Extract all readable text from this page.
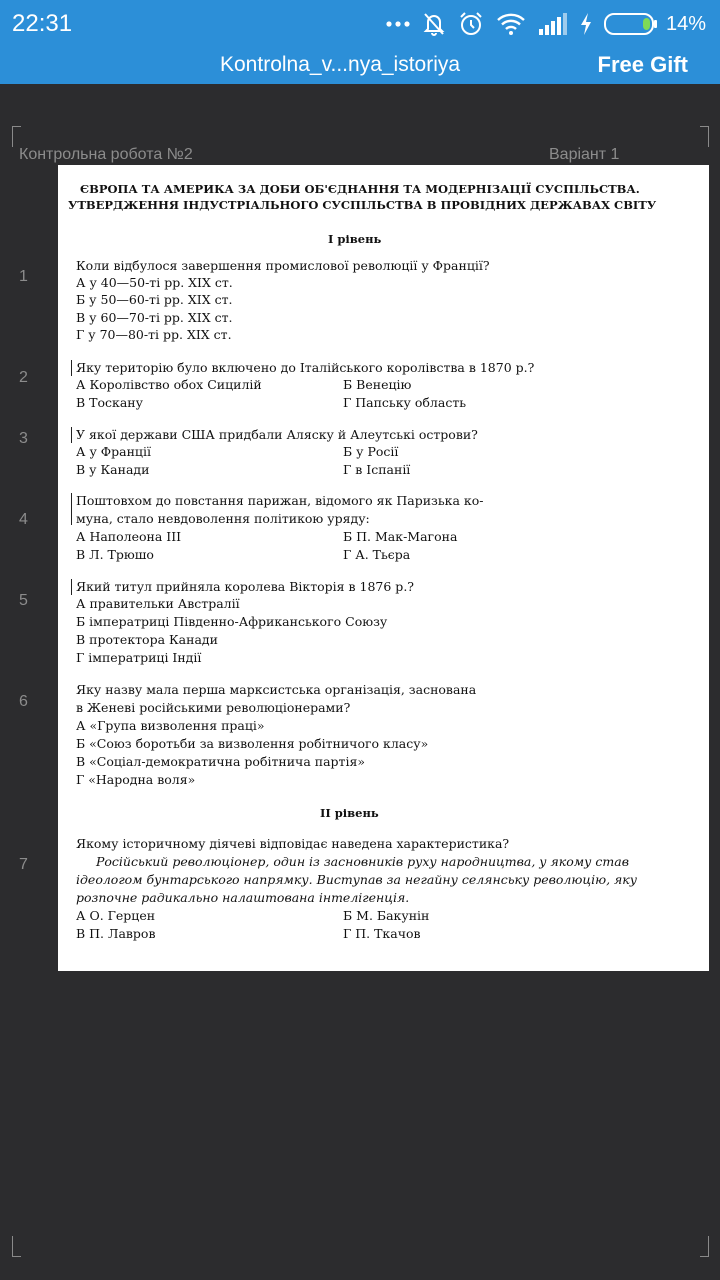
22:31	14%
Kontrolna_v...nya_istoriya	Free Gift
Контрольна робота №2	Варіант 1
1
2
3
4
5
6
7
ЄВРОПА ТА АМЕРИКА ЗА ДОБИ ОБ'ЄДНАННЯ ТА МОДЕРНІЗАЦІЇ СУСПІЛЬСТВА.
УТВЕРДЖЕННЯ ІНДУСТРІАЛЬНОГО СУСПІЛЬСТВА В ПРОВІДНИХ ДЕРЖАВАХ СВІТУ
І рівень
Коли відбулося завершення промислової революції у Франції?
А у 40—50-ті рр. XIX ст.
Б у 50—60-ті рр. XIX ст.
В у 60—70-ті рр. XIX ст.
Г у 70—80-ті рр. XIX ст.
Яку територію було включено до Італійського королівства в 1870 р.?
А Королівство обох Сицилій	Б Венецію
В Тоскану	Г Папську область
У якої держави США придбали Аляску й Алеутські острови?
А у Франції	Б у Росії
В у Канади	Г в Іспанії
Поштовхом до повстання парижан, відомого як Паризька ко-
муна, стало невдоволення політикою уряду:
А Наполеона III	Б П. Мак-Магона
В Л. Трюшо	Г А. Тьєра
Який титул прийняла королева Вікторія в 1876 р.?
А правительки Австралії
Б імператриці Південно-Африканського Союзу
В протектора Канади
Г імператриці Індії
Яку назву мала перша марксистська організація, заснована
в Женеві російськими революціонерами?
А «Група визволення праці»
Б «Союз боротьби за визволення робітничого класу»
В «Соціал-демократична робітнича партія»
Г «Народна воля»
ІІ рівень
Якому історичному діячеві відповідає наведена характеристика?
Російський революціонер, один із засновників руху народництва, у якому став
ідеологом бунтарського напрямку. Виступав за негайну селянську революцію, яку
розпочне радикально налаштована інтелігенція.
А О. Герцен	Б М. Бакунін
В П. Лавров	Г П. Ткачов
